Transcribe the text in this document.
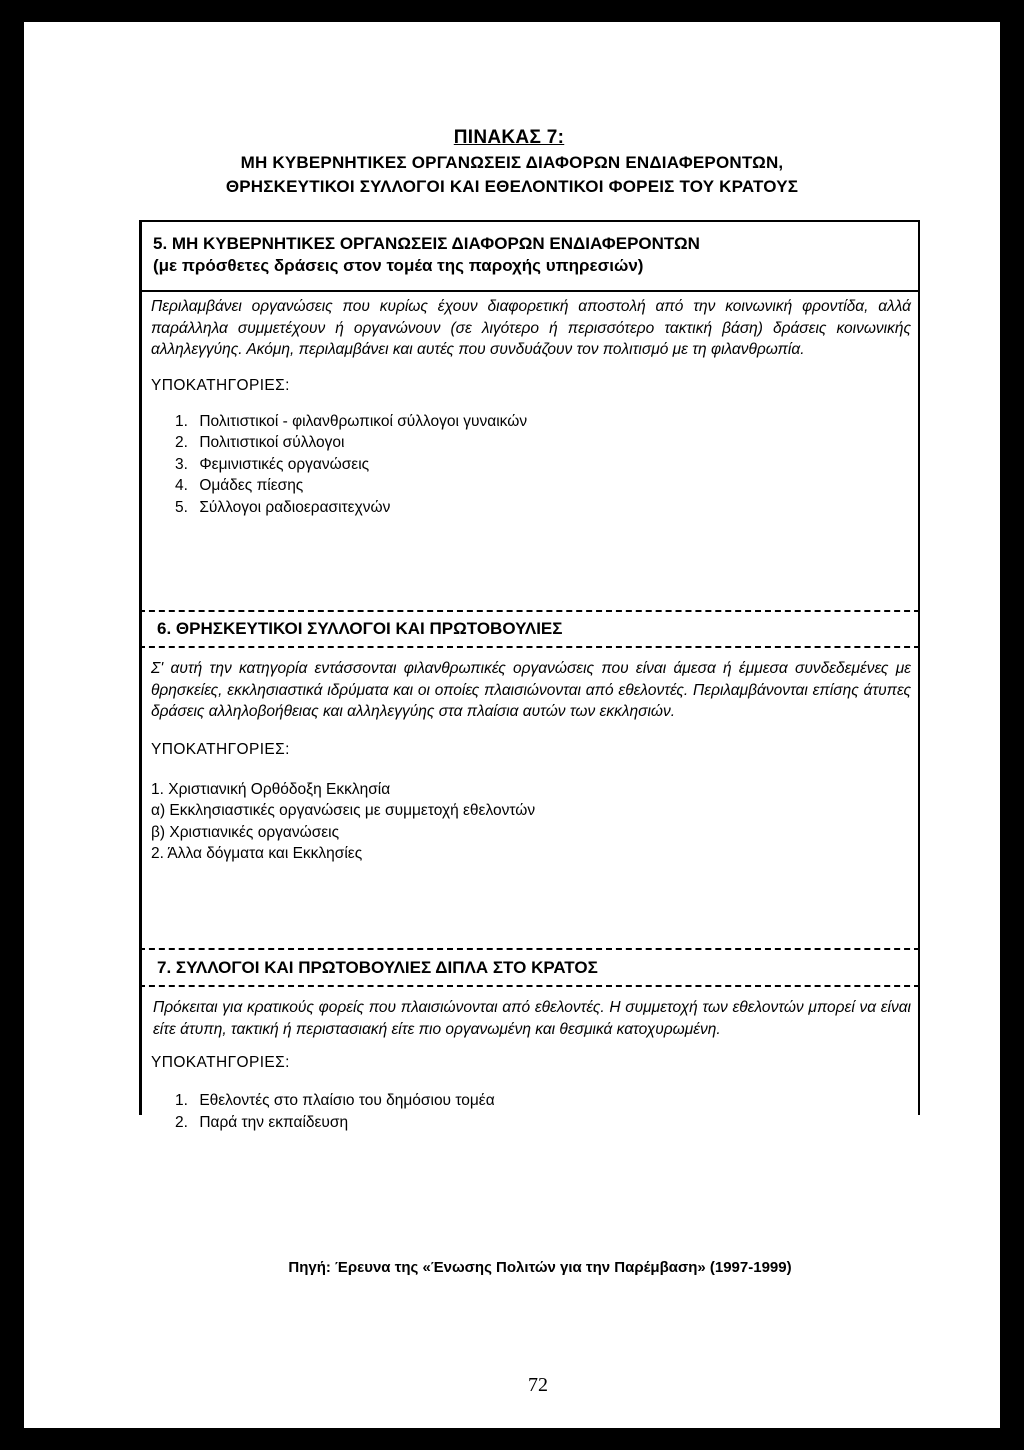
ΠΙΝΑΚΑΣ 7:
ΜΗ ΚΥΒΕΡΝΗΤΙΚΕΣ ΟΡΓΑΝΩΣΕΙΣ ΔΙΑΦΟΡΩΝ ΕΝΔΙΑΦΕΡΟΝΤΩΝ,
ΘΡΗΣΚΕΥΤΙΚΟΙ ΣΥΛΛΟΓΟΙ ΚΑΙ ΕΘΕΛΟΝΤΙΚΟΙ ΦΟΡΕΙΣ ΤΟΥ ΚΡΑΤΟΥΣ
5. ΜΗ ΚΥΒΕΡΝΗΤΙΚΕΣ ΟΡΓΑΝΩΣΕΙΣ ΔΙΑΦΟΡΩΝ ΕΝΔΙΑΦΕΡΟΝΤΩΝ
(με πρόσθετες δράσεις στον τομέα της παροχής υπηρεσιών)
Περιλαμβάνει οργανώσεις που κυρίως έχουν διαφορετική αποστολή από την κοινωνική φροντίδα, αλλά παράλληλα συμμετέχουν ή οργανώνουν (σε λιγότερο ή περισσότερο τακτική βάση) δράσεις κοινωνικής αλληλεγγύης. Ακόμη, περιλαμβάνει και αυτές που συνδυάζουν τον πολιτισμό με τη φιλανθρωπία.
ΥΠΟΚΑΤΗΓΟΡΙΕΣ:
1. Πολιτιστικοί - φιλανθρωπικοί σύλλογοι γυναικών
2. Πολιτιστικοί σύλλογοι
3. Φεμινιστικές οργανώσεις
4. Ομάδες πίεσης
5. Σύλλογοι ραδιοερασιτεχνών
6. ΘΡΗΣΚΕΥΤΙΚΟΙ ΣΥΛΛΟΓΟΙ ΚΑΙ ΠΡΩΤΟΒΟΥΛΙΕΣ
Σ' αυτή την κατηγορία εντάσσονται φιλανθρωπικές οργανώσεις που είναι άμεσα ή έμμεσα συνδεδεμένες με θρησκείες, εκκλησιαστικά ιδρύματα και οι οποίες πλαισιώνονται από εθελοντές. Περιλαμβάνονται επίσης άτυπες δράσεις αλληλοβοήθειας και αλληλεγγύης στα πλαίσια αυτών των εκκλησιών.
ΥΠΟΚΑΤΗΓΟΡΙΕΣ:
1. Χριστιανική Ορθόδοξη Εκκλησία
α) Εκκλησιαστικές οργανώσεις με συμμετοχή εθελοντών
β) Χριστιανικές οργανώσεις
2. Άλλα δόγματα και Εκκλησίες
7. ΣΥΛΛΟΓΟΙ ΚΑΙ ΠΡΩΤΟΒΟΥΛΙΕΣ ΔΙΠΛΑ ΣΤΟ ΚΡΑΤΟΣ
Πρόκειται για κρατικούς φορείς που πλαισιώνονται από εθελοντές. Η συμμετοχή των εθελοντών μπορεί να είναι είτε άτυπη, τακτική ή περιστασιακή είτε πιο οργανωμένη και θεσμικά κατοχυρωμένη.
ΥΠΟΚΑΤΗΓΟΡΙΕΣ:
1. Εθελοντές στο πλαίσιο του δημόσιου τομέα
2. Παρά την εκπαίδευση
Πηγή: Έρευνα της «Ένωσης Πολιτών για την Παρέμβαση» (1997-1999)
72
